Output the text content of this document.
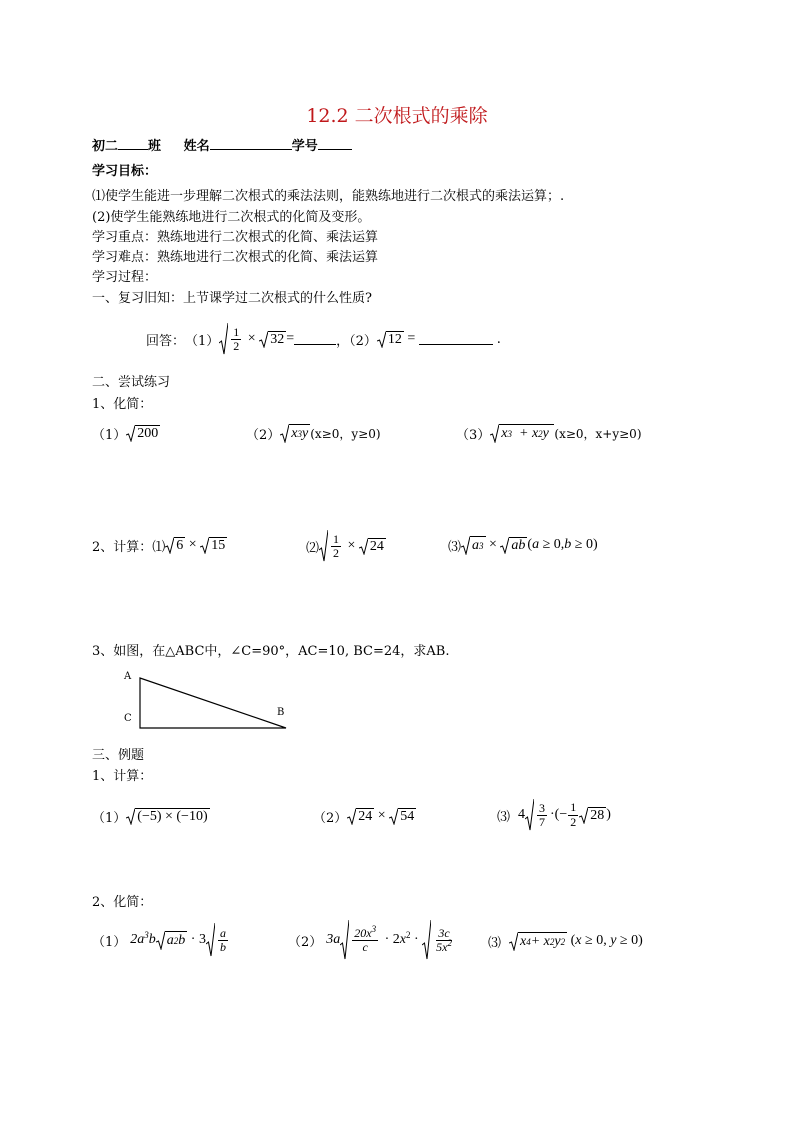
12.2 二次根式的乘除
初二 班 姓名	学号
学习目标：
⑴使学生能进一步理解二次根式的乘法法则，能熟练地进行二次根式的乘法运算；.
(2)使学生能熟练地进行二次根式的化简及变形。
学习重点：熟练地进行二次根式的化简、乘法运算
学习难点：熟练地进行二次根式的化简、乘法运算
学习过程：
一、复习旧知：上节课学过二次根式的什么性质?
回答： $(1) \frac{1}{2} \times 32$ =	，（2） 12 =	.
二、尝试练习
1、化简：
（1） 200	（2） x 3 y (x≥0，y≥0)	（3） x 3 + x 2 y (x≥0，x+y≥0)
2、计算：⑴ 6 × 15	⑵ $\frac{1}{2} \times 24$	⑶ a 3 × ab (a ≥ 0,b ≥ 0)
3、如图，在△ABC中，∠C=90°，AC=10, BC=24，求AB.
A
C
B
三、例题
1、计算：
（1） (−5) × (−10)	（2） 24 × 54	⑶ $4 \frac{3}{7}$ ·(− $\frac{1}{2} 28$ )
2、化简：
（1） $2a^3b$ a 2 $b \cdot 3 \frac{a}{b}$	（2） $3a \frac{20x^3}{c} \cdot 2x^2 \cdot \frac{3c}{5x^2}$	⑶ x 4 + x 2 y 2 (x ≥ 0, y ≥ 0)
